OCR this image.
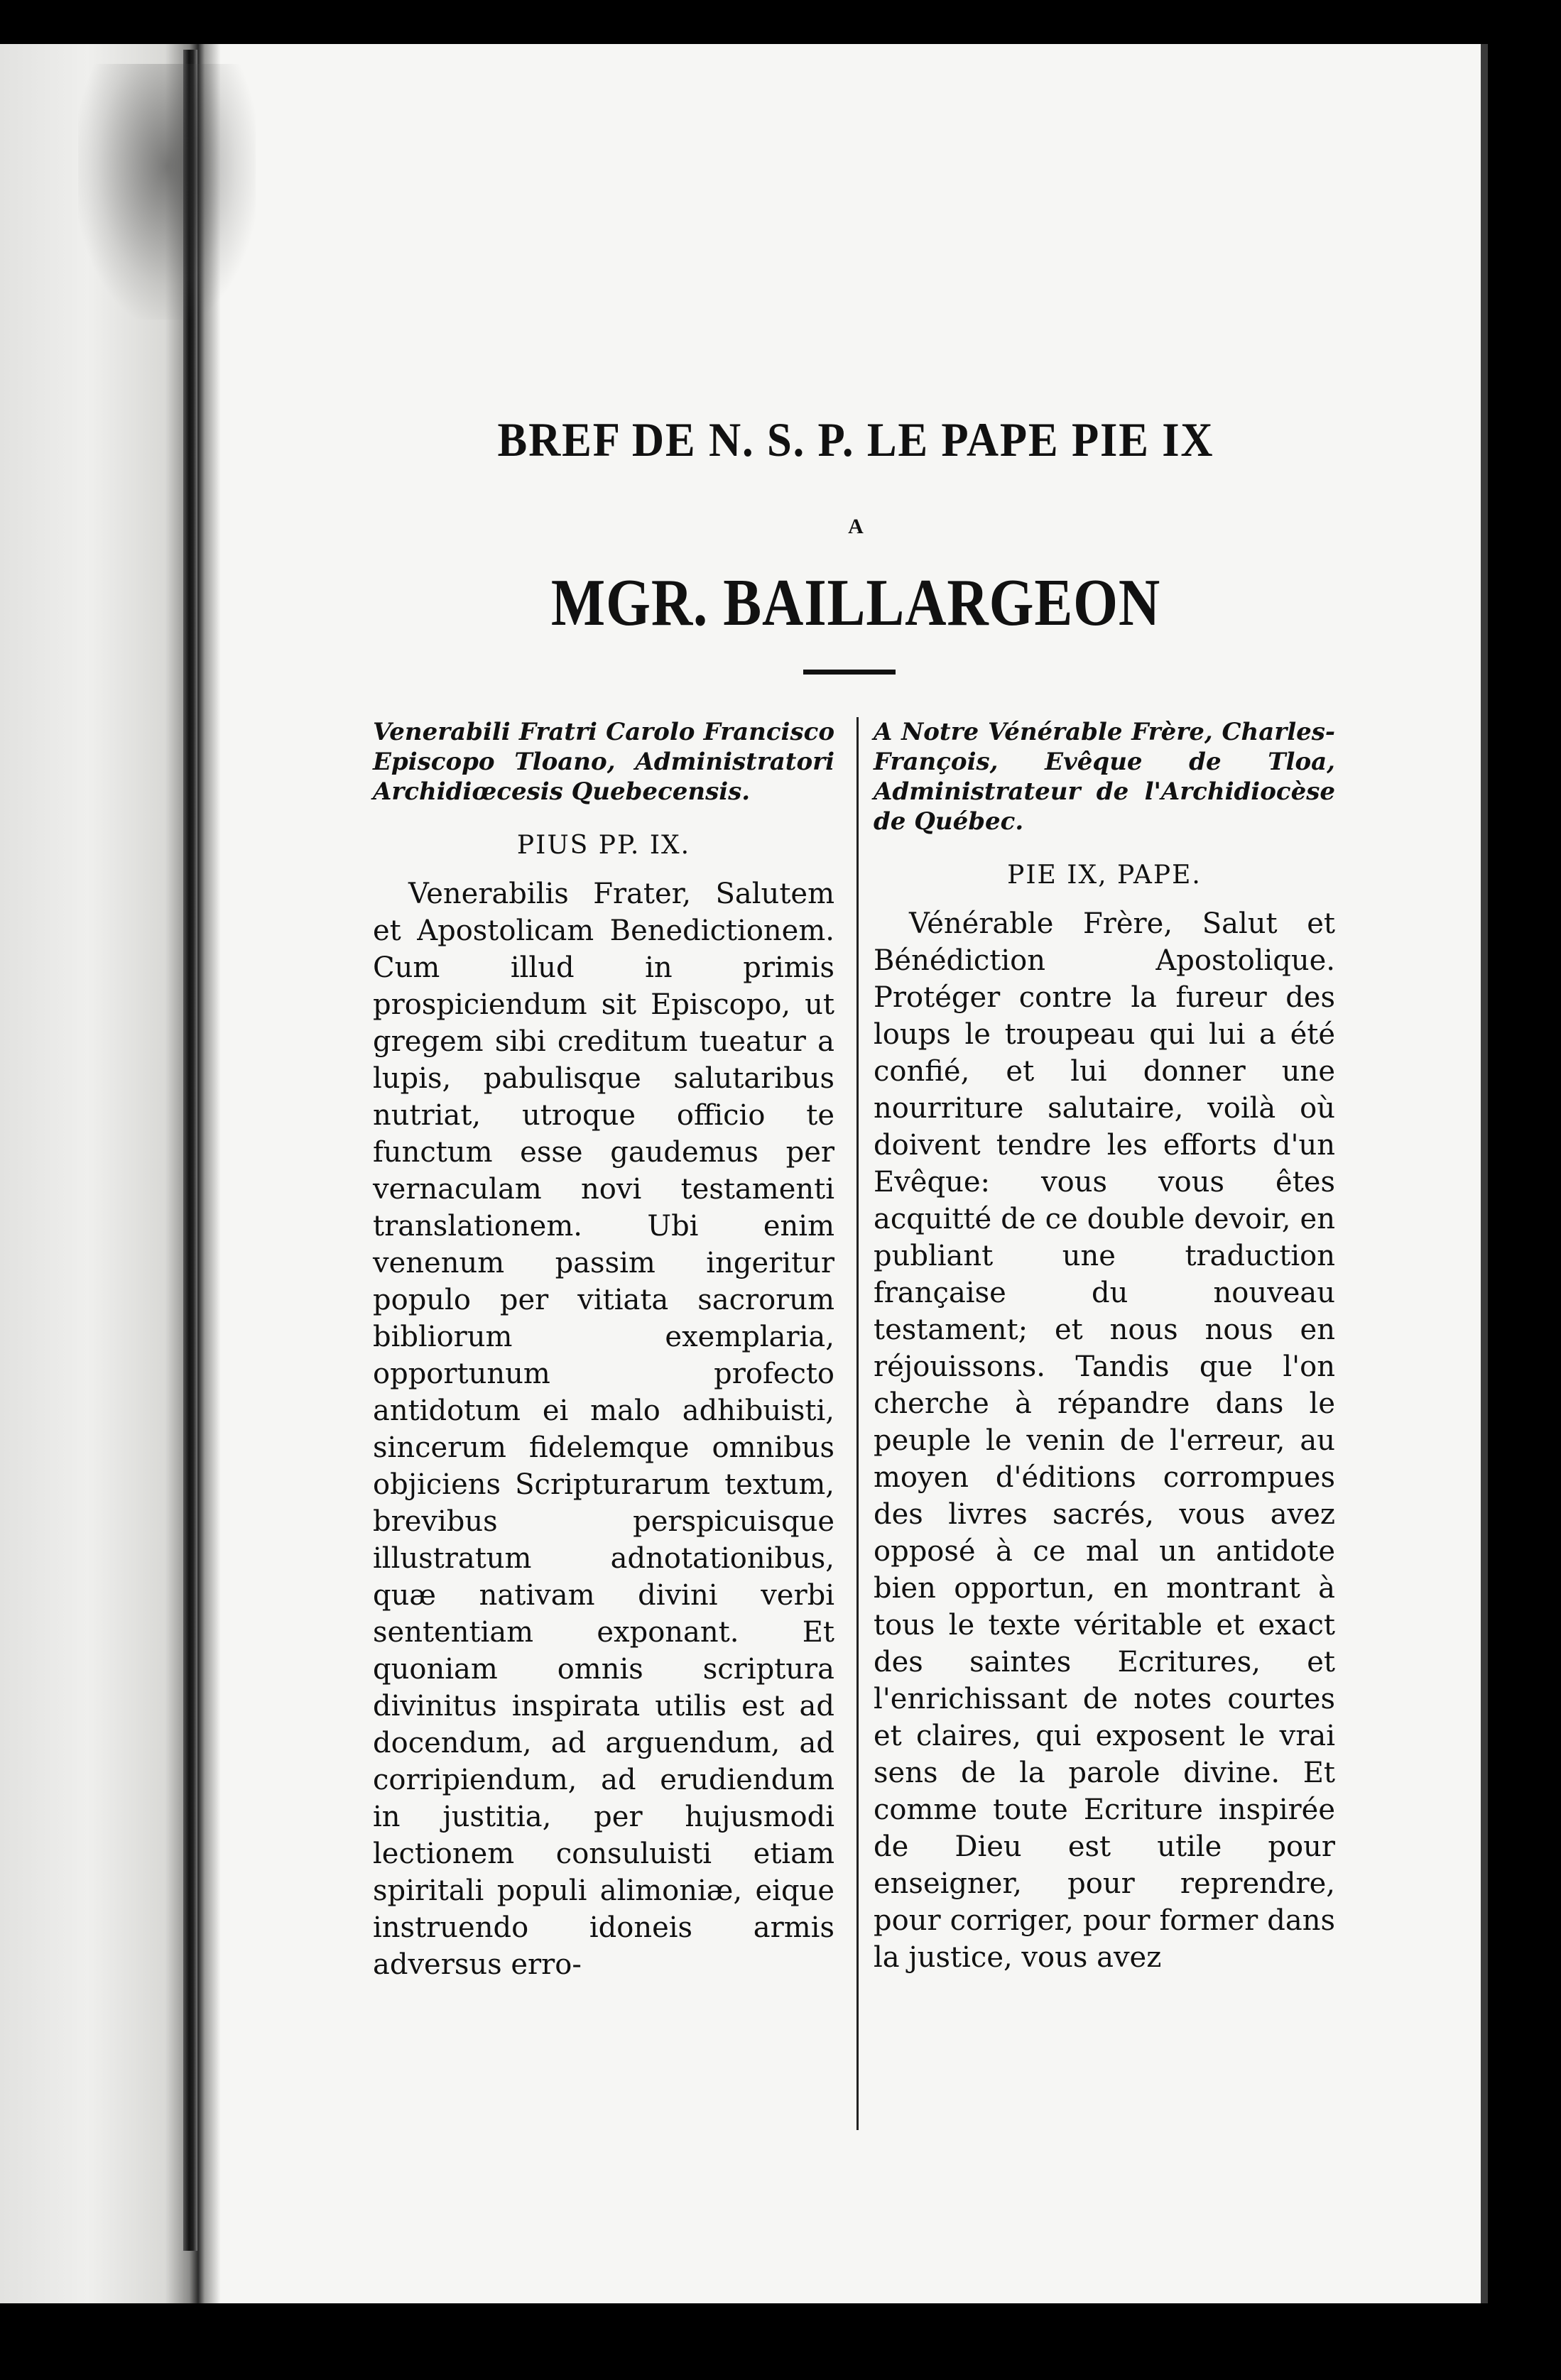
BREF DE N. S. P. LE PAPE PIE IX
A
MGR. BAILLARGEON

Venerabili Fratri Carolo Francisco Episcopo Tloano, Administratori Archidiœcesis Quebecensis.

PIUS PP. IX.

Venerabilis Frater, Salutem et Apostolicam Benedictionem. Cum illud in primis prospiciendum sit Episcopo, ut gregem sibi creditum tueatur a lupis, pabulisque salutaribus nutriat, utroque officio te functum esse gaudemus per vernaculam novi testamenti translationem. Ubi enim venenum passim ingeritur populo per vitiata sacrorum bibliorum exemplaria, opportunum profecto antidotum ei malo adhibuisti, sincerum fidelemque omnibus objiciens Scripturarum textum, brevibus perspicuisque illustratum adnotationibus, quæ nativam divini verbi sententiam exponant. Et quoniam omnis scriptura divinitus inspirata utilis est ad docendum, ad arguendum, ad corripiendum, ad erudiendum in justitia, per hujusmodi lectionem consuluisti etiam spiritali populi alimoniæ, eique instruendo idoneis armis adversus erro-

A Notre Vénérable Frère, Charles-François, Evêque de Tloa, Administrateur de l'Archidiocèse de Québec.

PIE IX, PAPE.

Vénérable Frère, Salut et Bénédiction Apostolique. Protéger contre la fureur des loups le troupeau qui lui a été confié, et lui donner une nourriture salutaire, voilà où doivent tendre les efforts d'un Evêque: vous vous êtes acquitté de ce double devoir, en publiant une traduction française du nouveau testament; et nous nous en réjouissons. Tandis que l'on cherche à répandre dans le peuple le venin de l'erreur, au moyen d'éditions corrompues des livres sacrés, vous avez opposé à ce mal un antidote bien opportun, en montrant à tous le texte véritable et exact des saintes Ecritures, et l'enrichissant de notes courtes et claires, qui exposent le vrai sens de la parole divine. Et comme toute Ecriture inspirée de Dieu est utile pour enseigner, pour reprendre, pour corriger, pour former dans la justice, vous avez
